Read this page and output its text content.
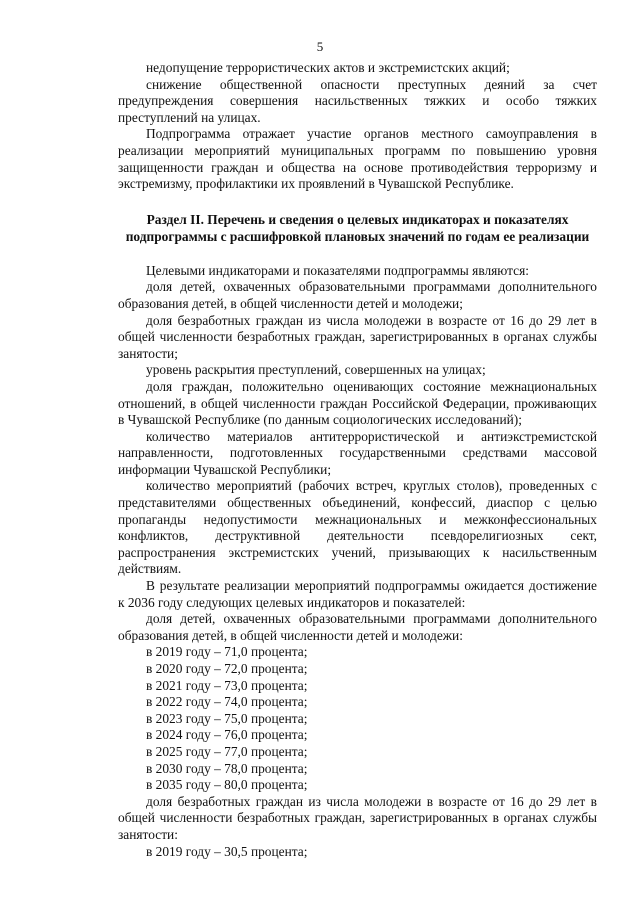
5

недопущение террористических актов и экстремистских акций;

снижение общественной опасности преступных деяний за счет предупреждения совершения насильственных тяжких и особо тяжких преступлений на улицах.

Подпрограмма отражает участие органов местного самоуправления в реализации мероприятий муниципальных программ по повышению уровня защищенности граждан и общества на основе противодействия терроризму и экстремизму, профилактики их проявлений в Чувашской Республике.

Раздел II. Перечень и сведения о целевых индикаторах и показателях

подпрограммы с расшифровкой плановых значений по годам ее реализации

Целевыми индикаторами и показателями подпрограммы являются:

доля детей, охваченных образовательными программами дополнительного образования детей, в общей численности детей и молодежи;

доля безработных граждан из числа молодежи в возрасте от 16 до 29 лет в общей численности безработных граждан, зарегистрированных в органах службы занятости;

уровень раскрытия преступлений, совершенных на улицах;

доля граждан, положительно оценивающих состояние межнациональных отношений, в общей численности граждан Российской Федерации, проживающих в Чувашской Республике (по данным социологических исследований);

количество материалов антитеррористической и антиэкстремистской направленности, подготовленных государственными средствами массовой информации Чувашской Республики;

количество мероприятий (рабочих встреч, круглых столов), проведенных с представителями общественных объединений, конфессий, диаспор с целью пропаганды недопустимости межнациональных и межконфессиональных конфликтов, деструктивной деятельности псевдорелигиозных сект, распространения экстремистских учений, призывающих к насильственным действиям.

В результате реализации мероприятий подпрограммы ожидается достижение к 2036 году следующих целевых индикаторов и показателей:

доля детей, охваченных образовательными программами дополнительного образования детей, в общей численности детей и молодежи:

в 2019 году – 71,0 процента;
в 2020 году – 72,0 процента;
в 2021 году – 73,0 процента;
в 2022 году – 74,0 процента;
в 2023 году – 75,0 процента;
в 2024 году – 76,0 процента;
в 2025 году – 77,0 процента;
в 2030 году – 78,0 процента;
в 2035 году – 80,0 процента;

доля безработных граждан из числа молодежи в возрасте от 16 до 29 лет в общей численности безработных граждан, зарегистрированных в органах службы занятости:

в 2019 году – 30,5 процента;
